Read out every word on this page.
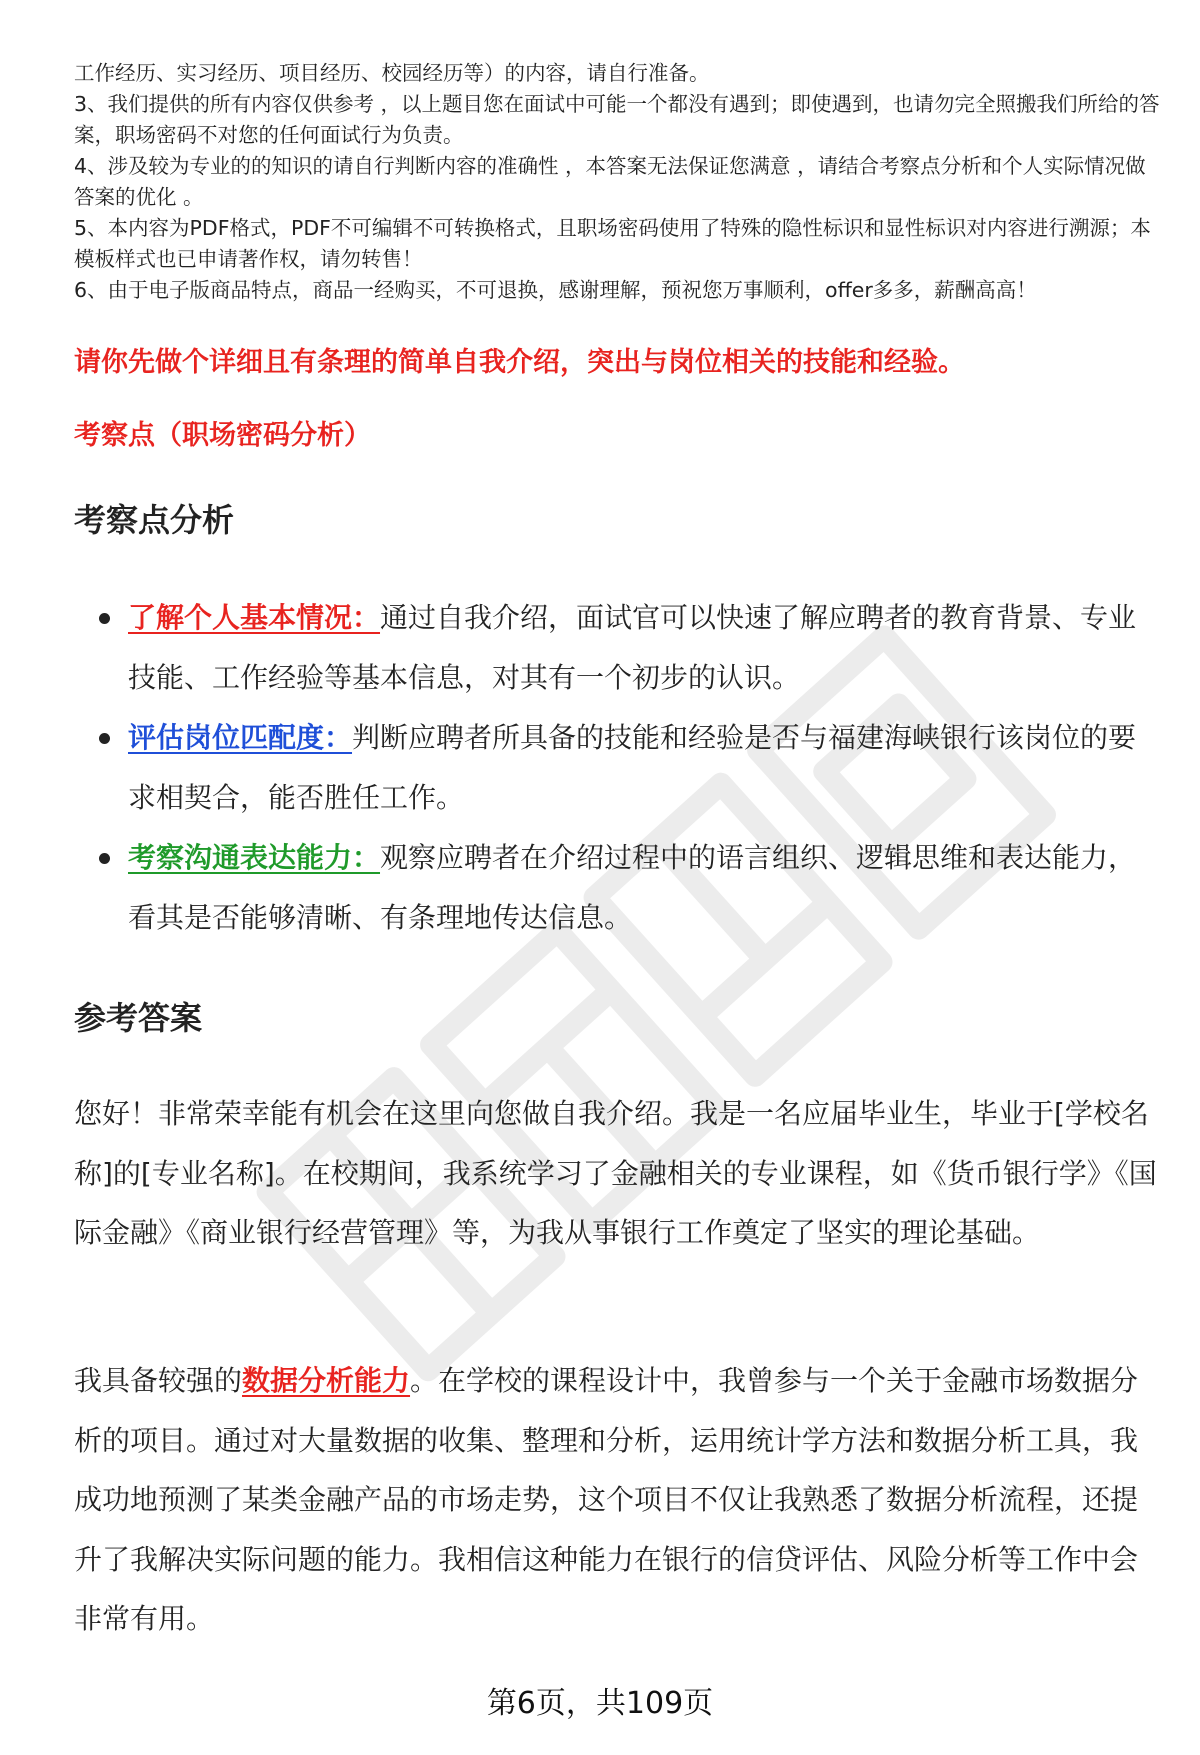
工作经历、实习经历、项目经历、校园经历等）的内容，请自行准备。

3、我们提供的所有内容仅供参考 ，以上题目您在面试中可能一个都没有遇到；即使遇到，也请勿完全照搬我们所给的答案，职场密码不对您的任何面试行为负责。

4、涉及较为专业的的知识的请自行判断内容的准确性 ，本答案无法保证您满意 ，请结合考察点分析和个人实际情况做答案的优化 。

5、本内容为PDF格式，PDF不可编辑不可转换格式，且职场密码使用了特殊的隐性标识和显性标识对内容进行溯源；本模板样式也已申请著作权，请勿转售！

6、由于电子版商品特点，商品一经购买，不可退换，感谢理解，预祝您万事顺利，offer多多，薪酬高高！

请你先做个详细且有条理的简单自我介绍，突出与岗位相关的技能和经验。

考察点（职场密码分析）

考察点分析
了解个人基本情况：通过自我介绍，面试官可以快速了解应聘者的教育背景、专业技能、工作经验等基本信息，对其有一个初步的认识。
评估岗位匹配度：判断应聘者所具备的技能和经验是否与福建海峡银行该岗位的要求相契合，能否胜任工作。
考察沟通表达能力：观察应聘者在介绍过程中的语言组织、逻辑思维和表达能力，看其是否能够清晰、有条理地传达信息。
参考答案

您好！非常荣幸能有机会在这里向您做自我介绍。我是一名应届毕业生，毕业于[学校名称]的[专业名称]。在校期间，我系统学习了金融相关的专业课程，如《货币银行学》《国际金融》《商业银行经营管理》等，为我从事银行工作奠定了坚实的理论基础。

我具备较强的数据分析能力。在学校的课程设计中，我曾参与一个关于金融市场数据分析的项目。通过对大量数据的收集、整理和分析，运用统计学方法和数据分析工具，我成功地预测了某类金融产品的市场走势，这个项目不仅让我熟悉了数据分析流程，还提升了我解决实际问题的能力。我相信这种能力在银行的信贷评估、风险分析等工作中会非常有用。

第6页，共109页
